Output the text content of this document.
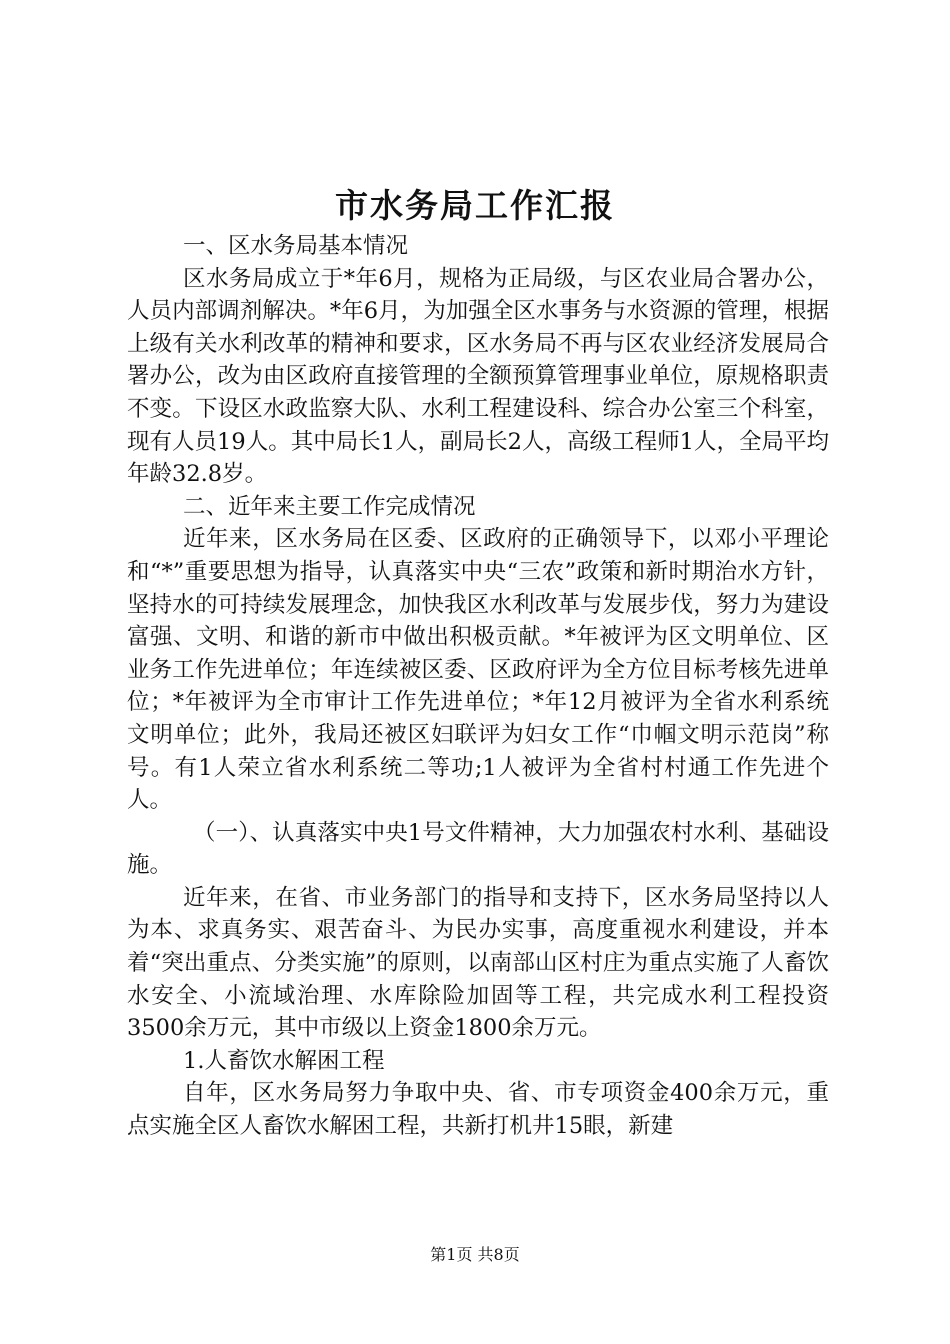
市水务局工作汇报

一、区水务局基本情况

区水务局成立于*年6月，规格为正局级，与区农业局合署办公，人员内部调剂解决。*年6月，为加强全区水事务与水资源的管理，根据上级有关水利改革的精神和要求，区水务局不再与区农业经济发展局合署办公，改为由区政府直接管理的全额预算管理事业单位，原规格职责不变。下设区水政监察大队、水利工程建设科、综合办公室三个科室，现有人员19人。其中局长1人，副局长2人，高级工程师1人，全局平均年龄32.8岁。

二、近年来主要工作完成情况

近年来，区水务局在区委、区政府的正确领导下，以邓小平理论和“*”重要思想为指导，认真落实中央“三农”政策和新时期治水方针，坚持水的可持续发展理念，加快我区水利改革与发展步伐，努力为建设富强、文明、和谐的新市中做出积极贡献。*年被评为区文明单位、区业务工作先进单位；年连续被区委、区政府评为全方位目标考核先进单位；*年被评为全市审计工作先进单位；*年12月被评为全省水利系统文明单位；此外，我局还被区妇联评为妇女工作“巾帼文明示范岗”称号。有1人荣立省水利系统二等功;1人被评为全省村村通工作先进个人。

（一）、认真落实中央1号文件精神，大力加强农村水利、基础设施。

近年来，在省、市业务部门的指导和支持下，区水务局坚持以人为本、求真务实、艰苦奋斗、为民办实事，高度重视水利建设，并本着“突出重点、分类实施”的原则，以南部山区村庄为重点实施了人畜饮水安全、小流域治理、水库除险加固等工程，共完成水利工程投资3500余万元，其中市级以上资金1800余万元。

1.人畜饮水解困工程

自年，区水务局努力争取中央、省、市专项资金400余万元，重点实施全区人畜饮水解困工程，共新打机井15眼，新建

第1页 共8页
